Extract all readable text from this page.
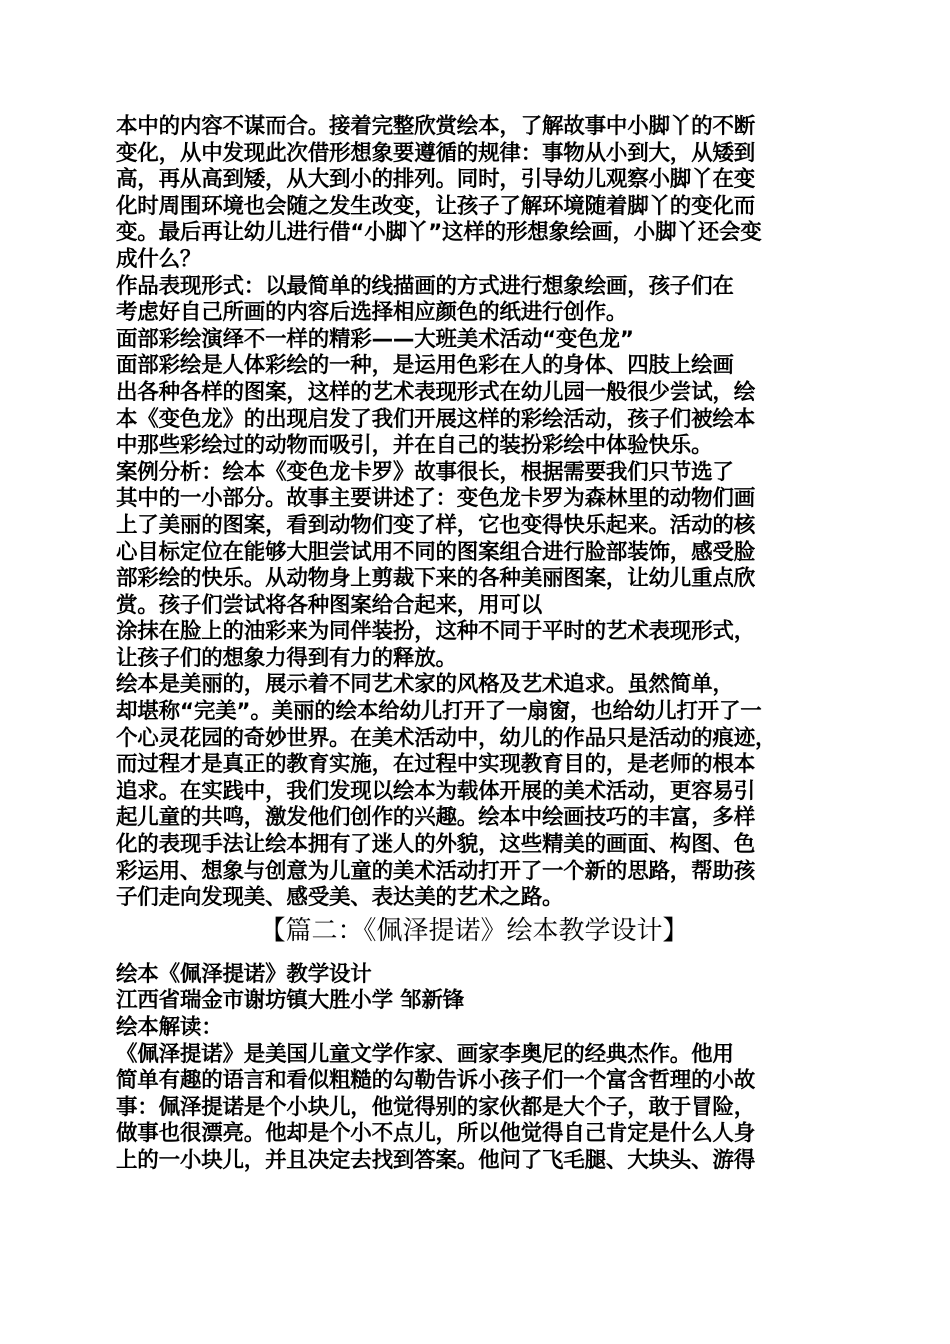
本中的内容不谋而合。接着完整欣赏绘本，了解故事中小脚丫的不断
变化，从中发现此次借形想象要遵循的规律：事物从小到大，从矮到
高，再从高到矮，从大到小的排列。同时，引导幼儿观察小脚丫在变
化时周围环境也会随之发生改变，让孩子了解环境随着脚丫的变化而
变。最后再让幼儿进行借“小脚丫”这样的形想象绘画，小脚丫还会变
成什么？
作品表现形式：以最简单的线描画的方式进行想象绘画，孩子们在
考虑好自己所画的内容后选择相应颜色的纸进行创作。
面部彩绘演绎不一样的精彩——大班美术活动“变色龙”
面部彩绘是人体彩绘的一种，是运用色彩在人的身体、四肢上绘画
出各种各样的图案，这样的艺术表现形式在幼儿园一般很少尝试，绘
本《变色龙》的出现启发了我们开展这样的彩绘活动，孩子们被绘本
中那些彩绘过的动物而吸引，并在自己的装扮彩绘中体验快乐。
案例分析：绘本《变色龙卡罗》故事很长，根据需要我们只节选了
其中的一小部分。故事主要讲述了：变色龙卡罗为森林里的动物们画
上了美丽的图案，看到动物们变了样，它也变得快乐起来。活动的核
心目标定位在能够大胆尝试用不同的图案组合进行脸部装饰，感受脸
部彩绘的快乐。从动物身上剪裁下来的各种美丽图案，让幼儿重点欣
赏。孩子们尝试将各种图案给合起来，用可以
涂抹在脸上的油彩来为同伴装扮，这种不同于平时的艺术表现形式，
让孩子们的想象力得到有力的释放。
绘本是美丽的，展示着不同艺术家的风格及艺术追求。虽然简单，
却堪称“完美”。美丽的绘本给幼儿打开了一扇窗，也给幼儿打开了一
个心灵花园的奇妙世界。在美术活动中，幼儿的作品只是活动的痕迹，
而过程才是真正的教育实施，在过程中实现教育目的，是老师的根本
追求。在实践中，我们发现以绘本为载体开展的美术活动，更容易引
起儿童的共鸣，激发他们创作的兴趣。绘本中绘画技巧的丰富，多样
化的表现手法让绘本拥有了迷人的外貌，这些精美的画面、构图、色
彩运用、想象与创意为儿童的美术活动打开了一个新的思路，帮助孩
子们走向发现美、感受美、表达美的艺术之路。
【篇二：《佩泽提诺》绘本教学设计】
绘本《佩泽提诺》教学设计
江西省瑞金市谢坊镇大胜小学 邹新锋
绘本解读：
《佩泽提诺》是美国儿童文学作家、画家李奥尼的经典杰作。他用
简单有趣的语言和看似粗糙的勾勒告诉小孩子们一个富含哲理的小故
事：佩泽提诺是个小块儿，他觉得别的家伙都是大个子，敢于冒险，
做事也很漂亮。他却是个小不点儿，所以他觉得自己肯定是什么人身
上的一小块儿，并且决定去找到答案。他问了飞毛腿、大块头、游得
